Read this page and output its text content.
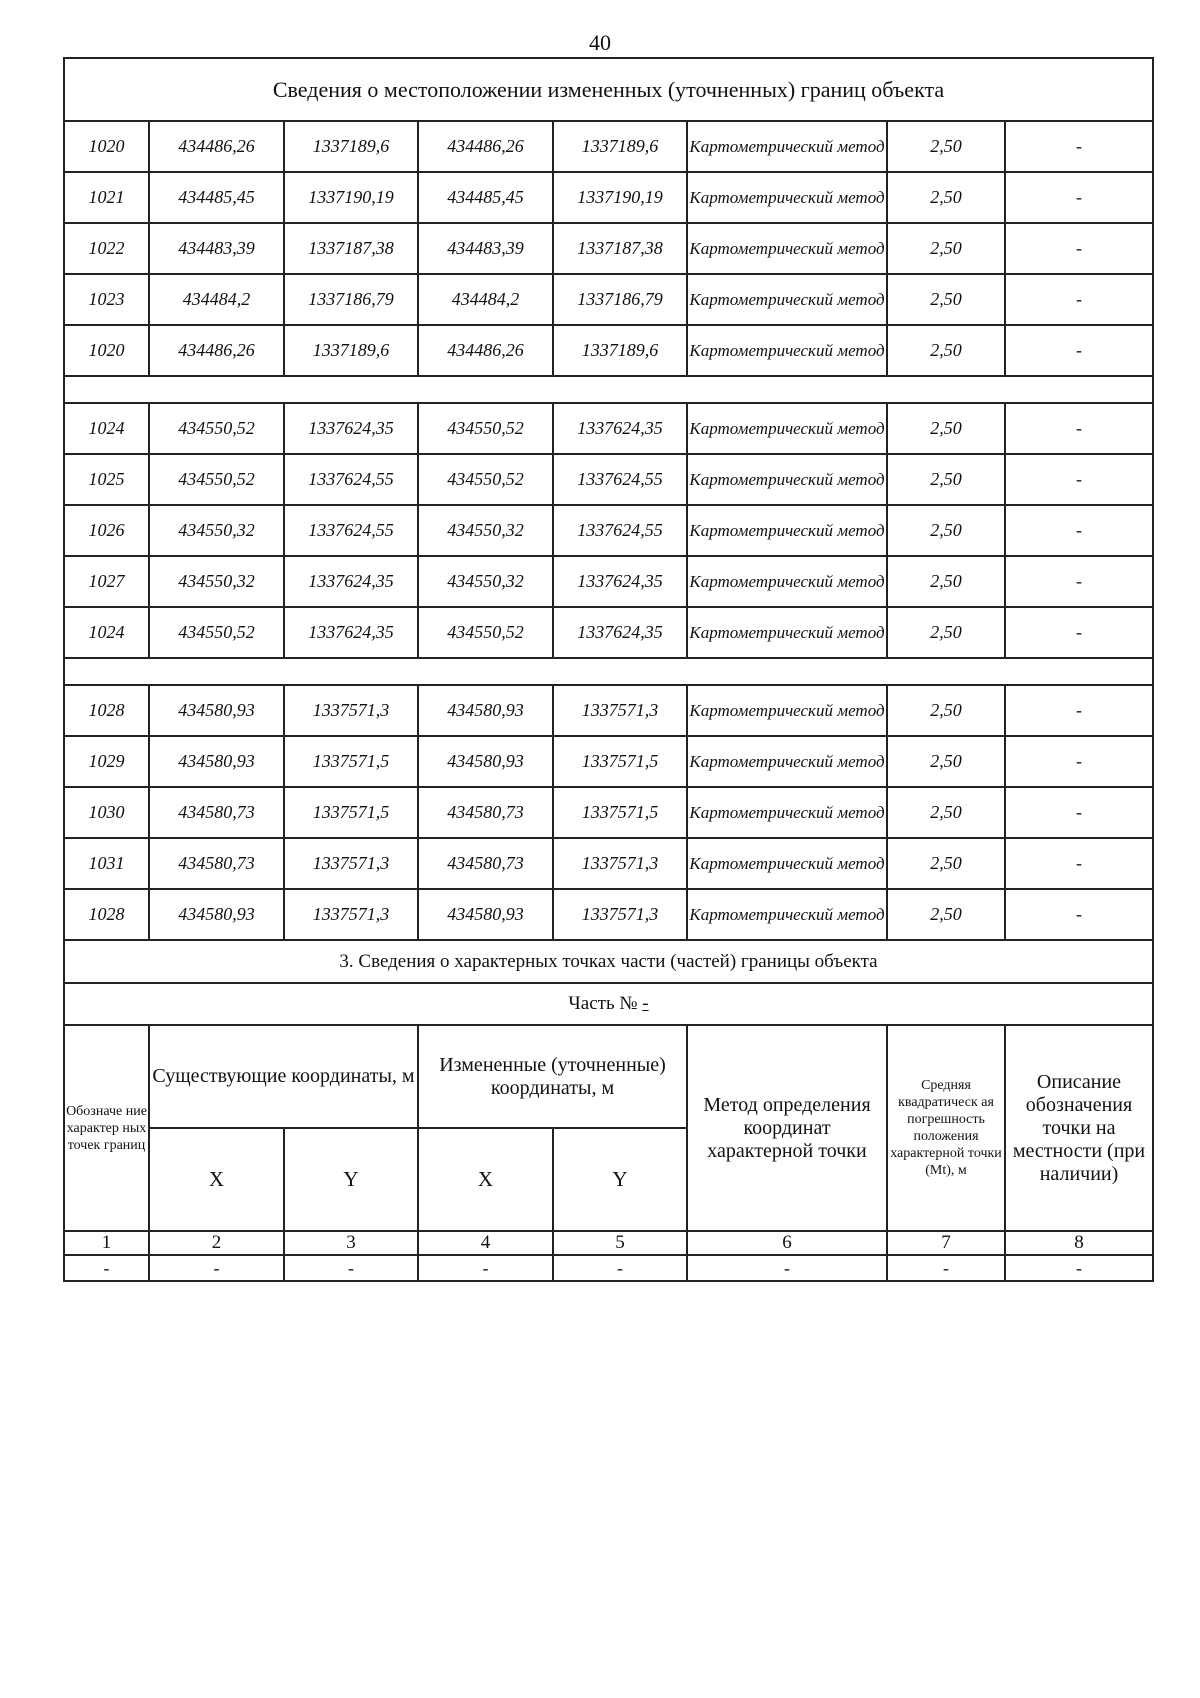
40
Сведения о местоположении измененных (уточненных) границ объекта							
1020	434486,26	1337189,6	434486,26	1337189,6	Картометрический метод	2,50	-
1021	434485,45	1337190,19	434485,45	1337190,19	Картометрический метод	2,50	-
1022	434483,39	1337187,38	434483,39	1337187,38	Картометрический метод	2,50	-
1023	434484,2	1337186,79	434484,2	1337186,79	Картометрический метод	2,50	-
1020	434486,26	1337189,6	434486,26	1337189,6	Картометрический метод	2,50	-

1024	434550,52	1337624,35	434550,52	1337624,35	Картометрический метод	2,50	-
1025	434550,52	1337624,55	434550,52	1337624,55	Картометрический метод	2,50	-
1026	434550,32	1337624,55	434550,32	1337624,55	Картометрический метод	2,50	-
1027	434550,32	1337624,35	434550,32	1337624,35	Картометрический метод	2,50	-
1024	434550,52	1337624,35	434550,52	1337624,35	Картометрический метод	2,50	-

1028	434580,93	1337571,3	434580,93	1337571,3	Картометрический метод	2,50	-
1029	434580,93	1337571,5	434580,93	1337571,5	Картометрический метод	2,50	-
1030	434580,73	1337571,5	434580,73	1337571,5	Картометрический метод	2,50	-
1031	434580,73	1337571,3	434580,73	1337571,3	Картометрический метод	2,50	-
1028	434580,93	1337571,3	434580,93	1337571,3	Картометрический метод	2,50	-
3. Сведения о характерных точках части (частей) границы объекта							
Часть № -							
Обозначе ние характер ных точек границ	Существующие координаты, м		Измененные (уточненные) координаты, м		Метод определения координат характерной точки	Средняя квадратическ ая погрешность положения характерной точки (Mt), м	Описание обозначения точки на местности (при наличии)
	X	Y	X	Y			
1	2	3	4	5	6	7	8
-	-	-	-	-	-	-	-
